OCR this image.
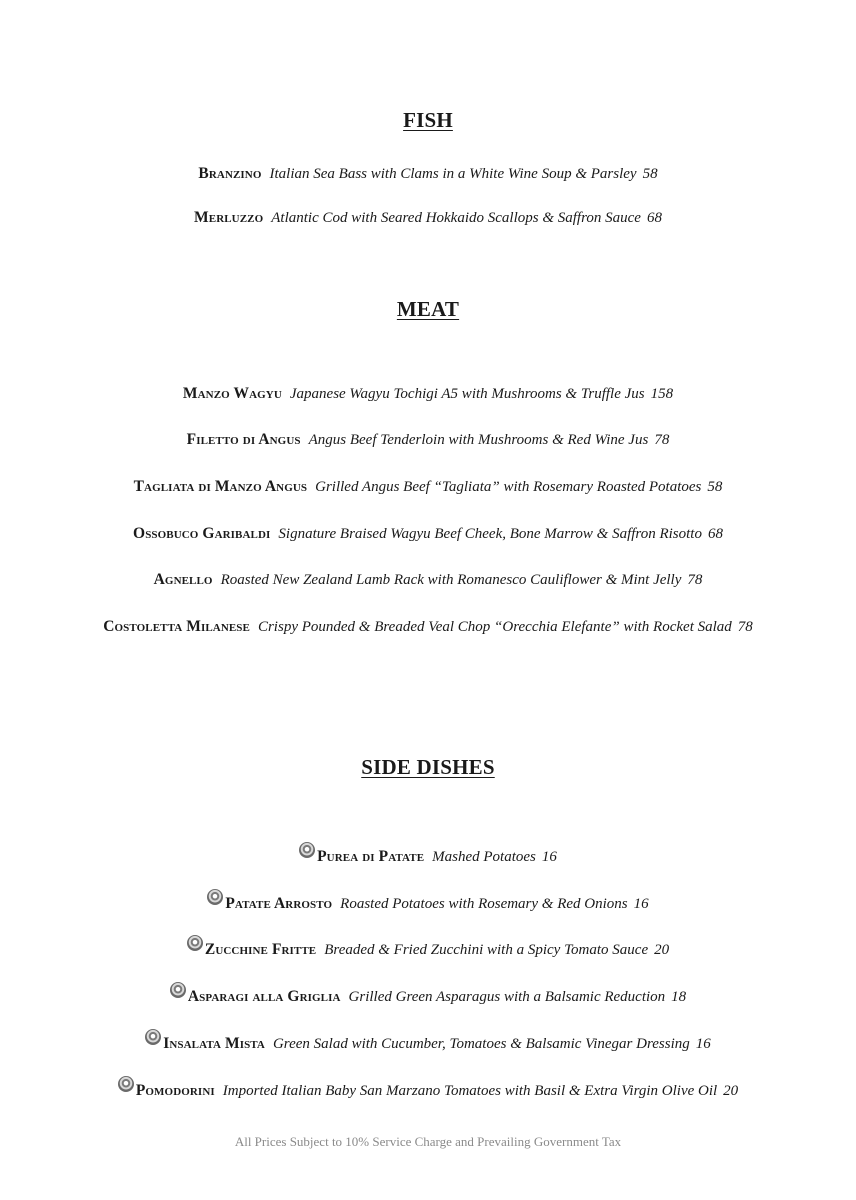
FISH
Branzino Italian Sea Bass with Clams in a White Wine Soup & Parsley 58
Merluzzo Atlantic Cod with Seared Hokkaido Scallops & Saffron Sauce 68
MEAT
Manzo Wagyu Japanese Wagyu Tochigi A5 with Mushrooms & Truffle Jus 158
Filetto di Angus Angus Beef Tenderloin with Mushrooms & Red Wine Jus 78
Tagliata di Manzo Angus Grilled Angus Beef “Tagliata” with Rosemary Roasted Potatoes 58
Ossobuco Garibaldi Signature Braised Wagyu Beef Cheek, Bone Marrow & Saffron Risotto 68
Agnello Roasted New Zealand Lamb Rack with Romanesco Cauliflower & Mint Jelly 78
Costoletta Milanese Crispy Pounded & Breaded Veal Chop “Orecchia Elefante” with Rocket Salad 78
SIDE DISHES
Purea di Patate Mashed Potatoes 16
Patate Arrosto Roasted Potatoes with Rosemary & Red Onions 16
Zucchine Fritte Breaded & Fried Zucchini with a Spicy Tomato Sauce 20
Asparagi alla Griglia Grilled Green Asparagus with a Balsamic Reduction 18
Insalata Mista Green Salad with Cucumber, Tomatoes & Balsamic Vinegar Dressing 16
Pomodorini Imported Italian Baby San Marzano Tomatoes with Basil & Extra Virgin Olive Oil 20
All Prices Subject to 10% Service Charge and Prevailing Government Tax
